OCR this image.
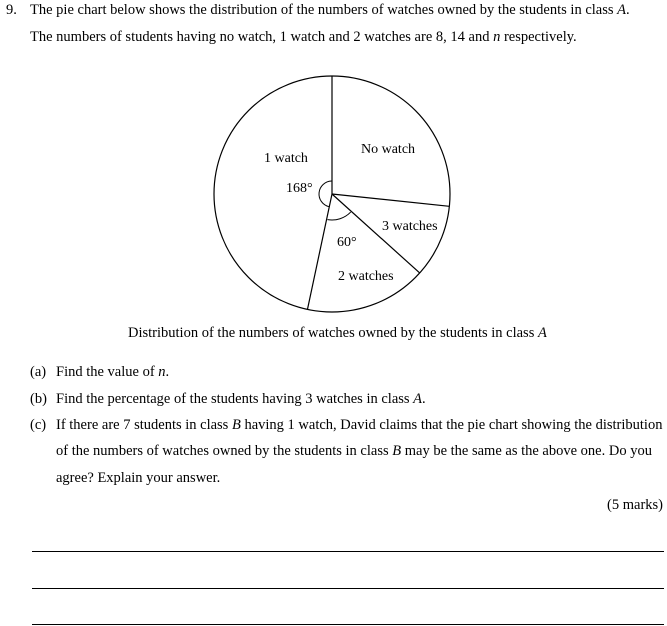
9. The pie chart below shows the distribution of the numbers of watches owned by the students in class A.
The numbers of students having no watch, 1 watch and 2 watches are 8, 14 and n respectively.
No watch
3 watches
2 watches
1 watch
168°
60°
Distribution of the numbers of watches owned by the students in class A
(a) Find the value of n.
(b) Find the percentage of the students having 3 watches in class A.
(c) If there are 7 students in class B having 1 watch, David claims that the pie chart showing the distribution
of the numbers of watches owned by the students in class B may be the same as the above one. Do you
agree? Explain your answer.
(5 marks)
